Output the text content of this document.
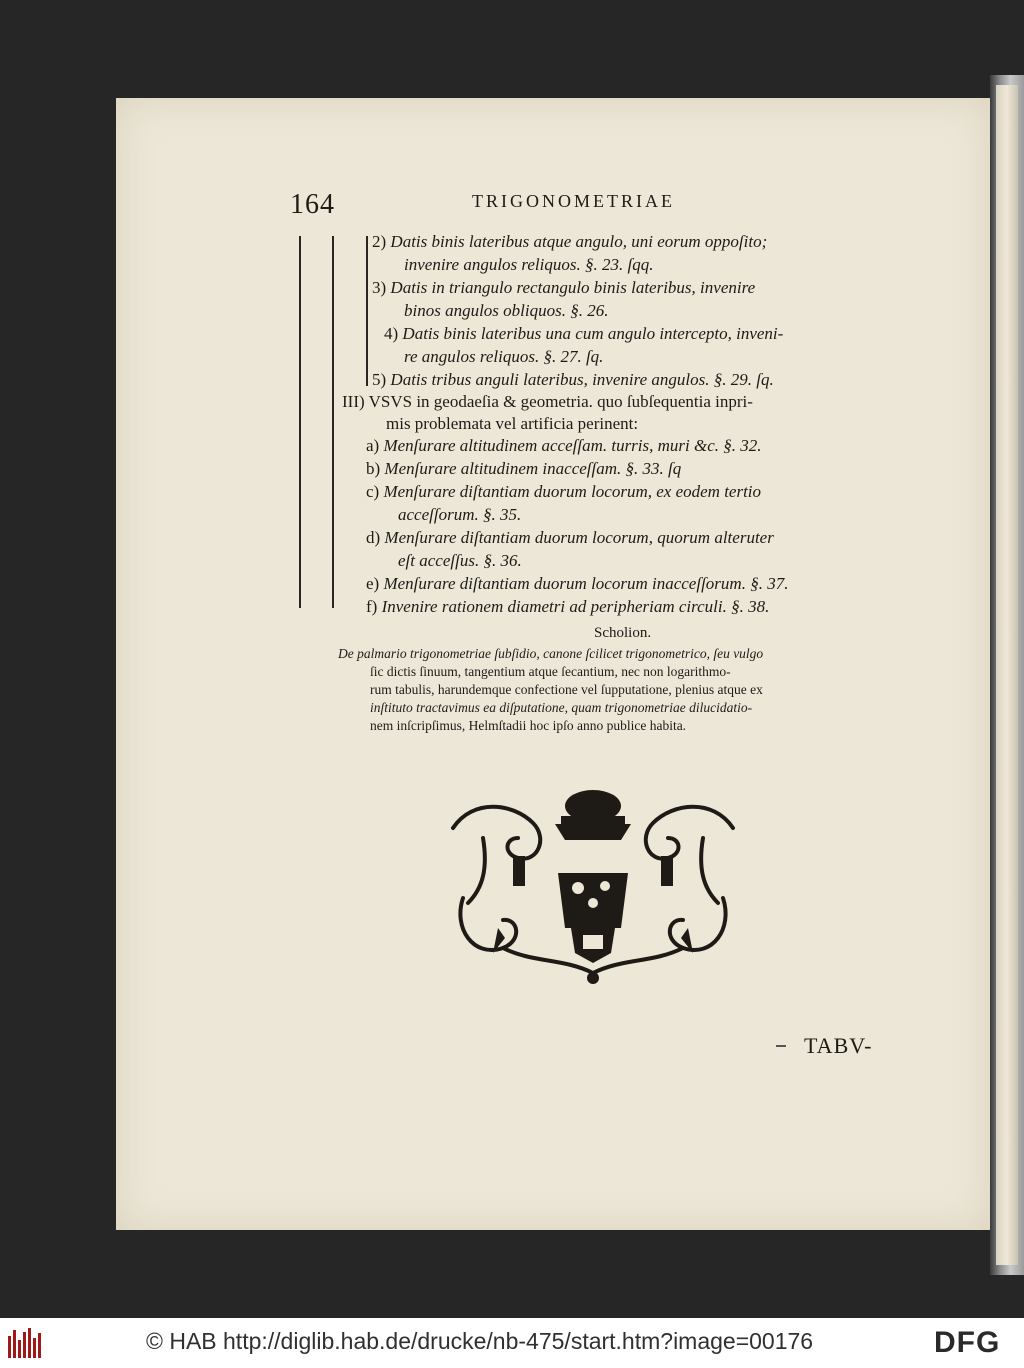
164	TRIGONOMETRIAE
2) Datis binis lateribus atque angulo, uni eorum oppoſito;
invenire angulos reliquos. §. 23. ſqq.
3) Datis in triangulo rectangulo binis lateribus, invenire
binos angulos obliquos. §. 26.
4) Datis binis lateribus una cum angulo intercepto, inveni-
re angulos reliquos. §. 27. ſq.
5) Datis tribus anguli lateribus, invenire angulos. §. 29. ſq.
III) VSVS in geodaeſia & geometria. quo ſubſequentia inpri-
mis problemata vel artificia perinent:
a) Menſurare altitudinem acceſſam. turris, muri &c. §. 32.
b) Menſurare altitudinem inacceſſam. §. 33. ſq
c) Menſurare diſtantiam duorum locorum, ex eodem tertio
acceſſorum. §. 35.
d) Menſurare diſtantiam duorum locorum, quorum alteruter
eſt acceſſus. §. 36.
e) Menſurare diſtantiam duorum locorum inacceſſorum. §. 37.
f) Invenire rationem diametri ad peripheriam circuli. §. 38.
Scholion.
De palmario trigonometriae ſubſidio, canone ſcilicet trigonometrico, ſeu vulgo
ſic dictis ſinuum, tangentium atque ſecantium, nec non logarithmo-
rum tabulis, harundemque confectione vel ſupputatione, plenius atque ex
inſtituto tractavimus ea diſputatione, quam trigonometriae dilucidatio-
nem inſcripſimus, Helmſtadii hoc ipſo anno publice habita.
TABV-
© HAB http://diglib.hab.de/drucke/nb-475/start.htm?image=00176	DFG
